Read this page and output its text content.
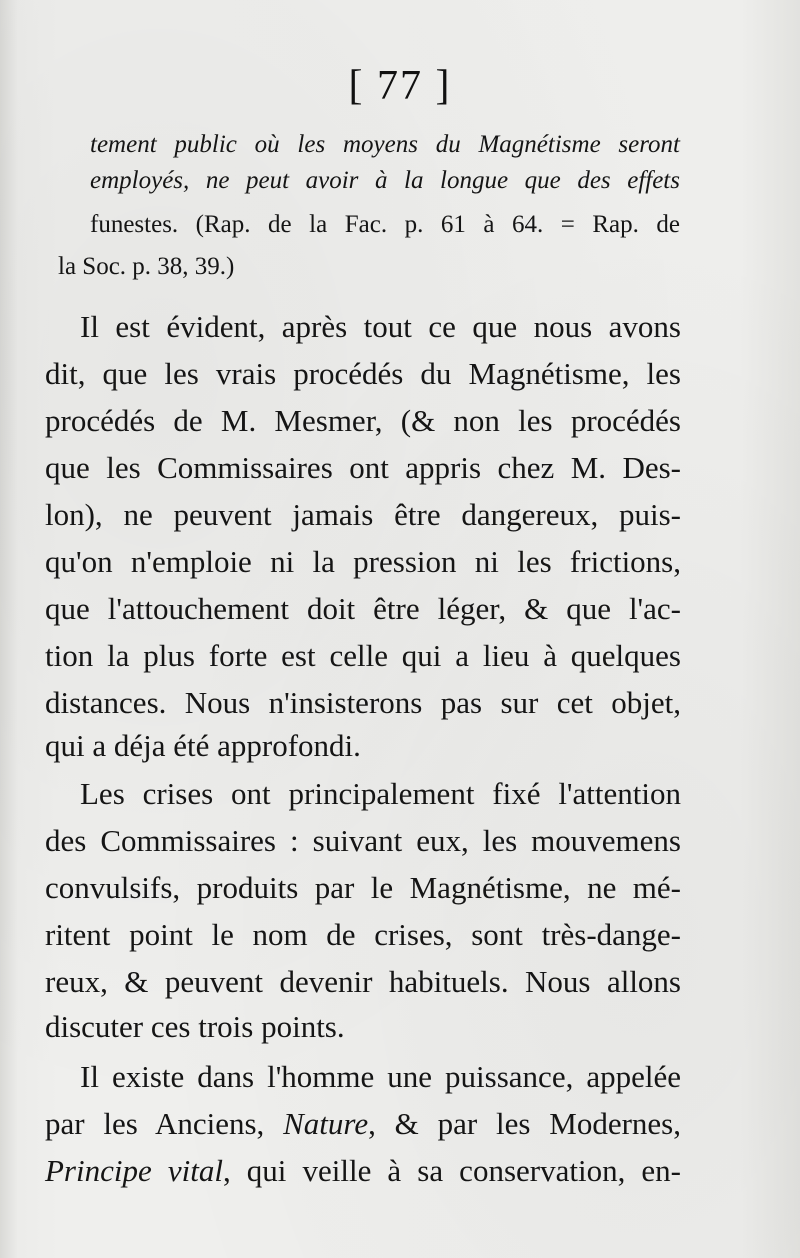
[ 77 ]
tement public où les moyens du Magnétisme seront
employés, ne peut avoir à la longue que des effets
funestes. (Rap. de la Fac. p. 61 à 64. = Rap. de
la Soc. p. 38, 39.)
Il est évident, après tout ce que nous avons
dit, que les vrais procédés du Magnétisme, les
procédés de M. Mesmer, (& non les procédés
que les Commissaires ont appris chez M. Des-
lon), ne peuvent jamais être dangereux, puis-
qu'on n'emploie ni la pression ni les frictions,
que l'attouchement doit être léger, & que l'ac-
tion la plus forte est celle qui a lieu à quelques
distances. Nous n'insisterons pas sur cet objet,
qui a déja été approfondi.
Les crises ont principalement fixé l'attention
des Commissaires : suivant eux, les mouvemens
convulsifs, produits par le Magnétisme, ne mé-
ritent point le nom de crises, sont très-dange-
reux, & peuvent devenir habituels. Nous allons
discuter ces trois points.
Il existe dans l'homme une puissance, appelée
par les Anciens, Nature, & par les Modernes,
Principe vital, qui veille à sa conservation, en-
